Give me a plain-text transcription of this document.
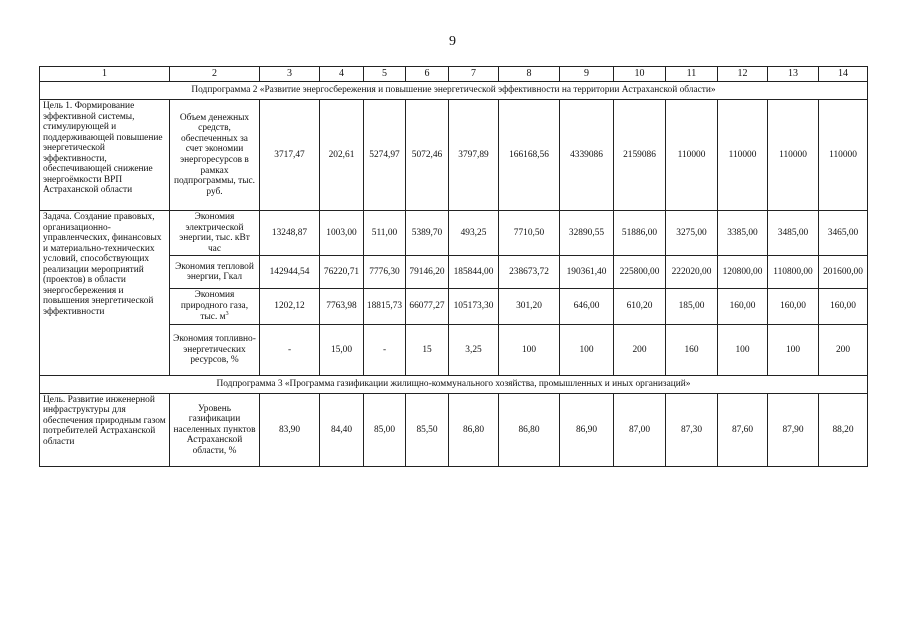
9
1	2	3	4	5	6	7	8	9	10	11	12	13	14
Подпрограмма 2 «Развитие энергосбережения и повышение энергетической эффективности на территории Астраханской области»													
Цель 1. Формирование эффективной системы, стимулирующей и поддерживающей повышение энергетической эффективности, обеспечивающей снижение энергоёмкости ВРП Астраханской области	Объем денежных средств, обеспеченных за счет экономии энергоресурсов в рамках подпрограммы, тыс. руб.	3717,47	202,61	5274,97	5072,46	3797,89	166168,56	4339086	2159086	110000	110000	110000	110000
Задача. Создание правовых, организационно-управленческих, финансовых и материально-технических условий, способствующих реализации мероприятий (проектов) в области энергосбережения и повышения энергетической эффективности	Экономия электрической энергии, тыс. кВт час	13248,87	1003,00	511,00	5389,70	493,25	7710,50	32890,55	51886,00	3275,00	3385,00	3485,00	3465,00
	Экономия тепловой энергии, Гкал	142944,54	76220,71	7776,30	79146,20	185844,00	238673,72	190361,40	225800,00	222020,00	120800,00	110800,00	201600,00
	Экономия природного газа, тыс. $м^3$	1202,12	7763,98	18815,73	66077,27	105173,30	301,20	646,00	610,20	185,00	160,00	160,00	160,00
	Экономия топливно-энергетических ресурсов, %	-	15,00	-	15	3,25	100	100	200	160	100	100	200
Подпрограмма 3 «Программа газификации жилищно-коммунального хозяйства, промышленных и иных организаций»													
Цель. Развитие инженерной инфраструктуры для обеспечения природным газом потребителей Астраханской области	Уровень газификации населенных пунктов Астраханской области, %	83,90	84,40	85,00	85,50	86,80	86,80	86,90	87,00	87,30	87,60	87,90	88,20
